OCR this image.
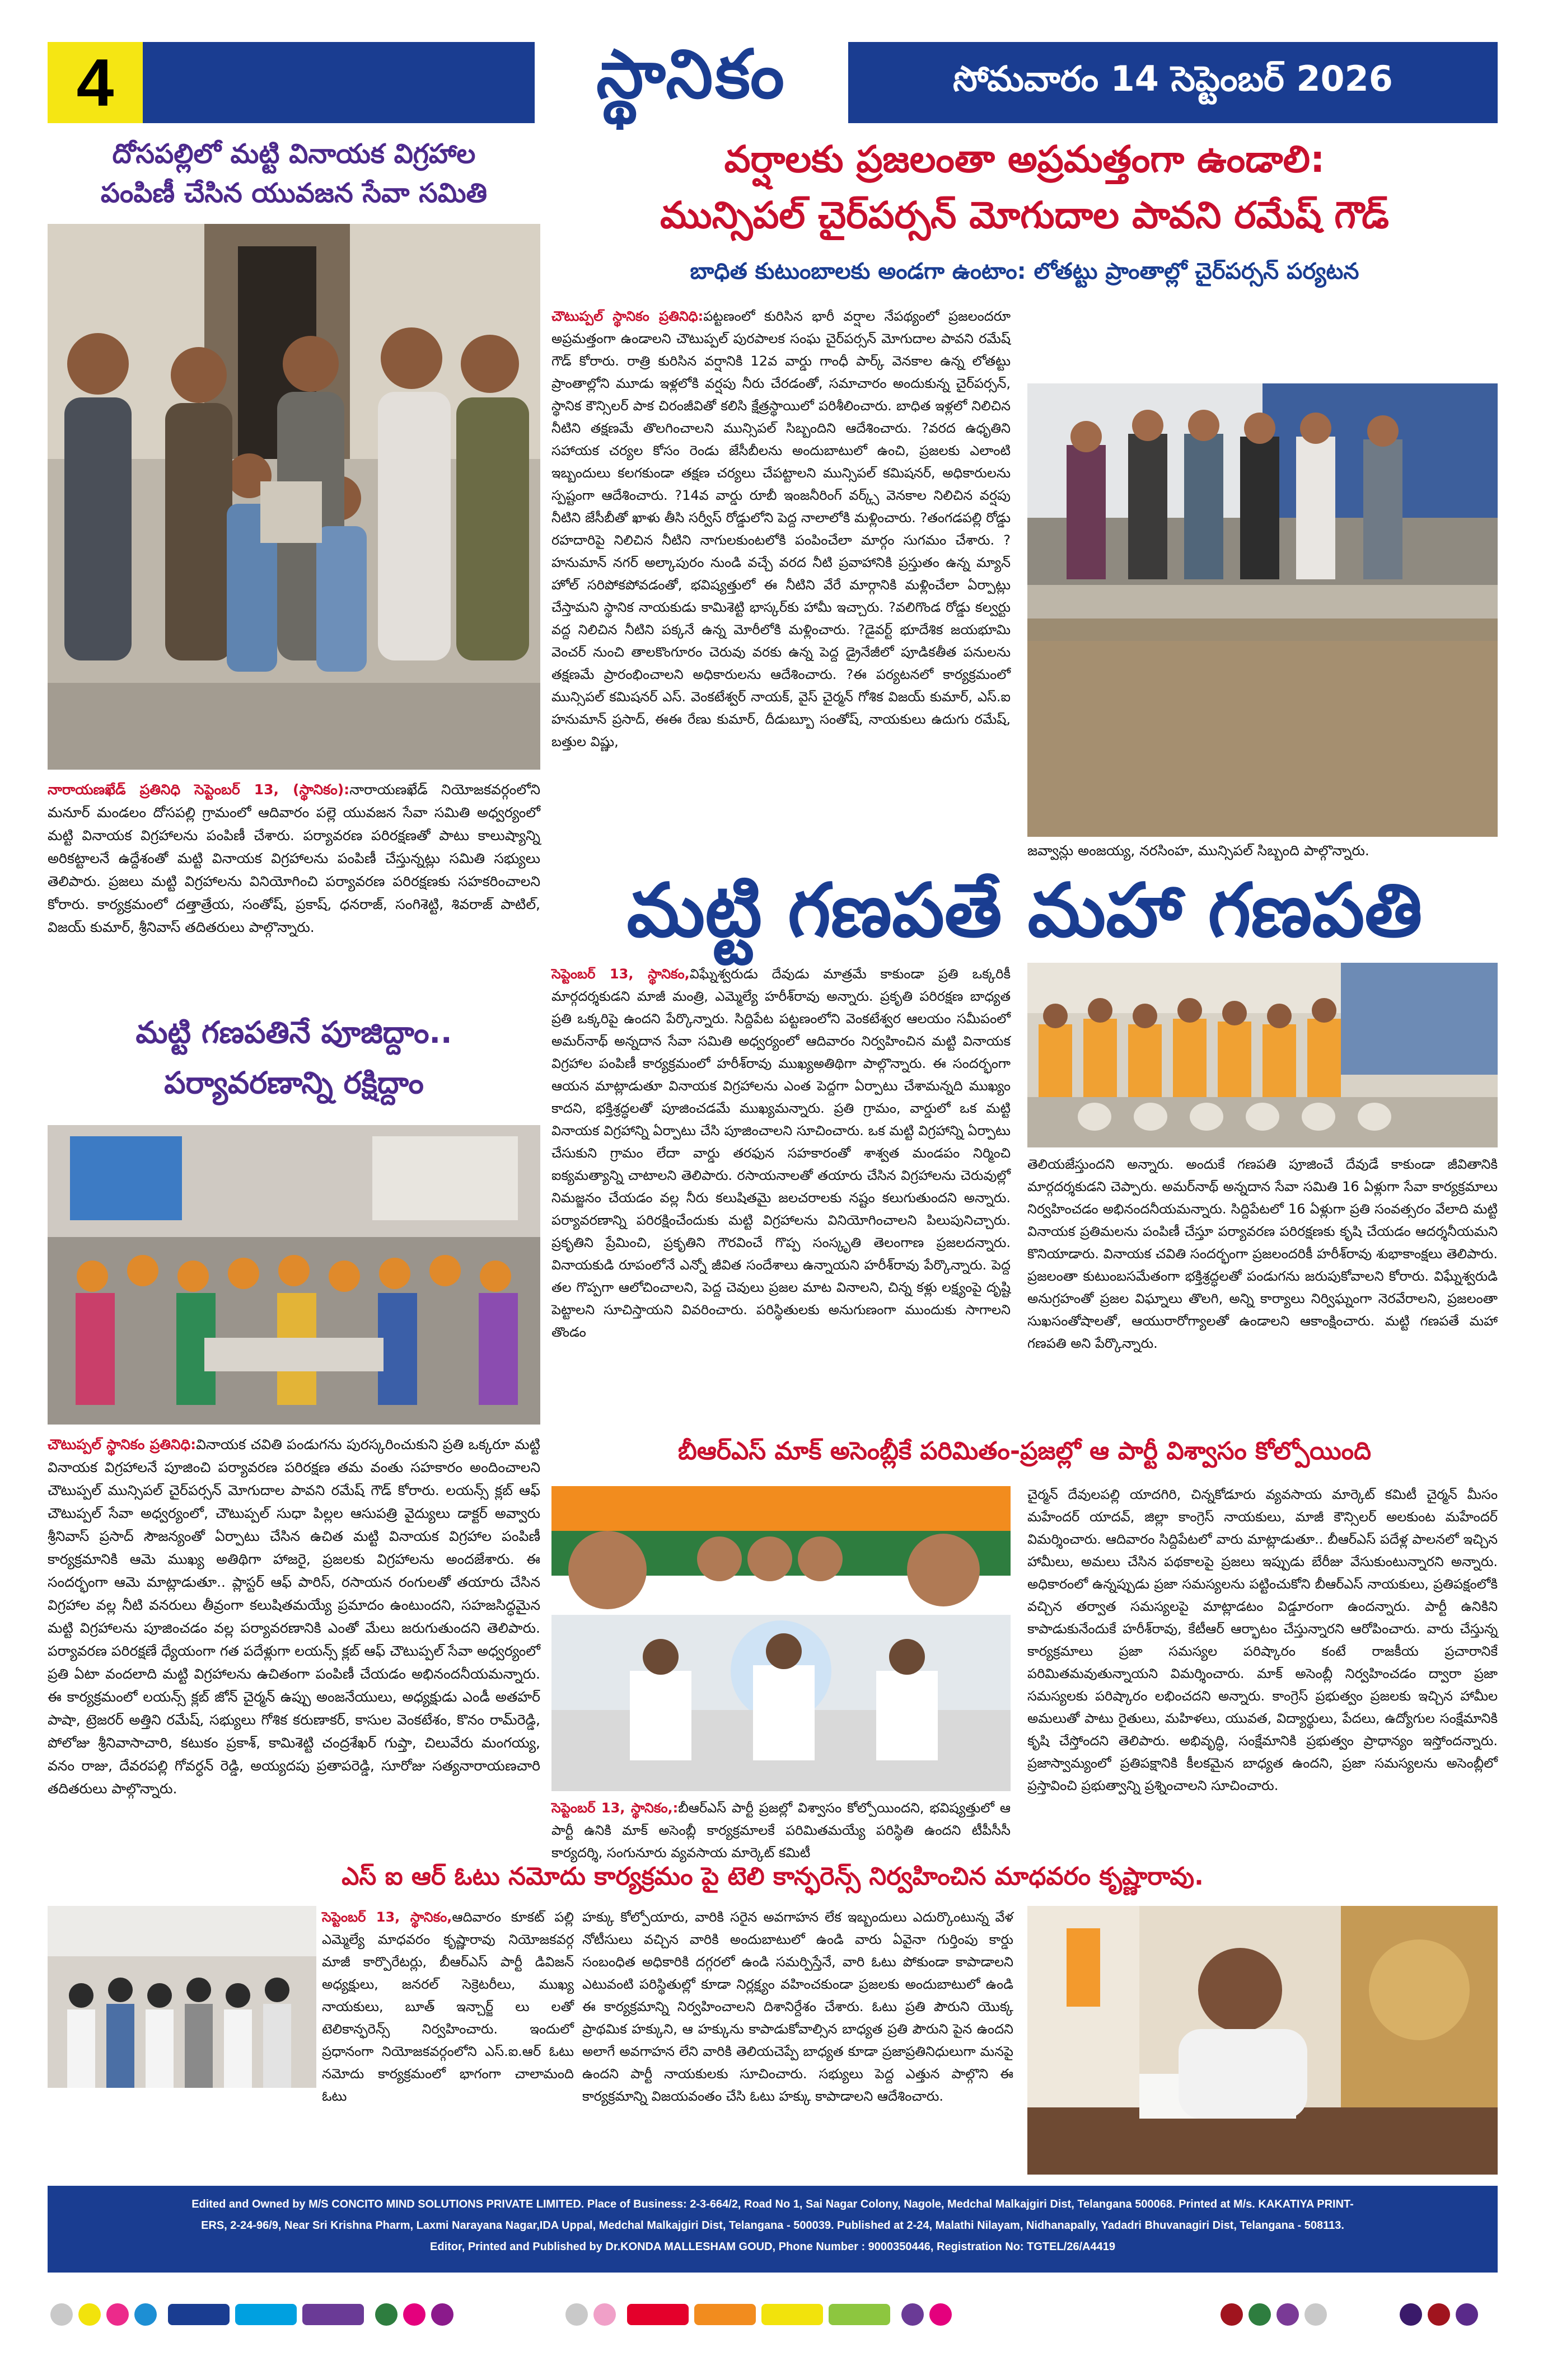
4	స్థానికం	సోమవారం 14 సెప్టెంబర్ 2026
దోసపల్లిలో మట్టి వినాయక విగ్రహాల
పంపిణీ చేసిన యువజన సేవా సమితి
నారాయణఖేడ్ ప్రతినిధి సెప్టెంబర్ 13, (స్థానికం):నారాయణఖేడ్ నియోజకవర్గంలోని మనూర్ మండలం దోసపల్లి గ్రామంలో ఆదివారం పల్లె యువజన సేవా సమితి అధ్వర్యంలో మట్టి వినాయక విగ్రహాలను పంపిణీ చేశారు. పర్యావరణ పరిరక్షణతో పాటు కాలుష్యాన్ని అరికట్టాలనే ఉద్దేశంతో మట్టి వినాయక విగ్రహాలను పంపిణీ చేస్తున్నట్లు సమితి సభ్యులు తెలిపారు. ప్రజలు మట్టి విగ్రహాలను వినియోగించి పర్యావరణ పరిరక్షణకు సహకరించాలని కోరారు. కార్యక్రమంలో దత్తాత్రేయ, సంతోష్, ప్రకాష్, ధనరాజ్, సంగిశెట్టి, శివరాజ్ పాటిల్, విజయ్ కుమార్, శ్రీనివాస్ తదితరులు పాల్గొన్నారు.
మట్టి గణపతినే పూజిద్దాం..
పర్యావరణాన్ని రక్షిద్దాం
చౌటుప్పల్ స్థానికం ప్రతినిధి:వినాయక చవితి పండుగను పురస్కరించుకుని ప్రతి ఒక్కరూ మట్టి వినాయక విగ్రహాలనే పూజించి పర్యావరణ పరిరక్షణ తమ వంతు సహకారం అందించాలని చౌటుప్పల్ మున్సిపల్ చైర్‌పర్సన్ మోగుదాల పావని రమేష్ గౌడ్ కోరారు. లయన్స్ క్లబ్ ఆఫ్ చౌటుప్పల్ సేవా అధ్వర్యంలో, చౌటుప్పల్ సుధా పిల్లల ఆసుపత్రి వైద్యులు డాక్టర్ అవ్వారు శ్రీనివాస్ ప్రసాద్ సౌజన్యంతో ఏర్పాటు చేసిన ఉచిత మట్టి వినాయక విగ్రహాల పంపిణీ కార్యక్రమానికి ఆమె ముఖ్య అతిథిగా హాజరై, ప్రజలకు విగ్రహాలను అందజేశారు. ఈ సందర్భంగా ఆమె మాట్లాడుతూ.. ప్లాస్టర్ ఆఫ్ పారిస్, రసాయన రంగులతో తయారు చేసిన విగ్రహాల వల్ల నీటి వనరులు తీవ్రంగా కలుషితమయ్యే ప్రమాదం ఉంటుందని, సహజసిద్ధమైన మట్టి విగ్రహాలను పూజించడం వల్ల పర్యావరణానికి ఎంతో మేలు జరుగుతుందని తెలిపారు. పర్యావరణ పరిరక్షణే ధ్యేయంగా గత పదేళ్లుగా లయన్స్ క్లబ్ ఆఫ్ చౌటుప్పల్ సేవా అధ్వర్యంలో ప్రతి ఏటా వందలాది మట్టి విగ్రహాలను ఉచితంగా పంపిణీ చేయడం అభినందనీయమన్నారు. ఈ కార్యక్రమంలో లయన్స్ క్లబ్ జోన్ చైర్మన్ ఉప్పు అంజనేయులు, అధ్యక్షుడు ఎండీ అతహర్ పాషా, ట్రెజరర్ అత్తిని రమేష్, సభ్యులు గోశిక కరుణాకర్, కాసుల వెంకటేశం, కొనం రామ్‌రెడ్డి, పోలోజు శ్రీనివాసాచారి, కటుకం ప్రకాశ్, కామిశెట్టి చంద్రశేఖర్ గుప్తా, చిలువేరు మంగయ్య, వనం రాజు, దేవరపల్లి గోవర్ధన్ రెడ్డి, అయ్యదపు ప్రతాపరెడ్డి, సూరోజు సత్యనారాయణచారి తదితరులు పాల్గొన్నారు.
వర్షాలకు ప్రజలంతా అప్రమత్తంగా ఉండాలి:
మున్సిపల్ చైర్‌పర్సన్ మోగుదాల పావని రమేష్ గౌడ్
బాధిత కుటుంబాలకు అండగా ఉంటాం: లోతట్టు ప్రాంతాల్లో చైర్‌పర్సన్ పర్యటన
చౌటుప్పల్ స్థానికం ప్రతినిధి:పట్టణంలో కురిసిన భారీ వర్షాల నేపథ్యంలో ప్రజలందరూ అప్రమత్తంగా ఉండాలని చౌటుప్పల్ పురపాలక సంఘ చైర్‌పర్సన్ మోగుదాల పావని రమేష్ గౌడ్ కోరారు. రాత్రి కురిసిన వర్షానికి 12వ వార్డు గాంధీ పార్క్ వెనకాల ఉన్న లోతట్టు ప్రాంతాల్లోని మూడు ఇళ్లలోకి వర్షపు నీరు చేరడంతో, సమాచారం అందుకున్న చైర్‌పర్సన్, స్థానిక కౌన్సిలర్ పాక చిరంజీవితో కలిసి క్షేత్రస్థాయిలో పరిశీలించారు. బాధిత ఇళ్లలో నిలిచిన నీటిని తక్షణమే తొలగించాలని మున్సిపల్ సిబ్బందిని ఆదేశించారు. ?వరద ఉధృతిని సహాయక చర్యల కోసం రెండు జేసీబీలను అందుబాటులో ఉంచి, ప్రజలకు ఎలాంటి ఇబ్బందులు కలగకుండా తక్షణ చర్యలు చేపట్టాలని మున్సిపల్ కమిషనర్, అధికారులను స్పష్టంగా ఆదేశించారు. ?14వ వార్డు రూబీ ఇంజనీరింగ్ వర్క్స్ వెనకాల నిలిచిన వర్షపు నీటిని జేసీబీతో ఖాళు తీసి సర్వీస్ రోడ్డులోని పెద్ద నాలాలోకి మళ్లించారు. ?తంగడపల్లి రోడ్డు రహదారిపై నిలిచిన నీటిని నాగులకుంటలోకి పంపించేలా మార్గం సుగమం చేశారు. ?హనుమాన్ నగర్ అల్కాపురం నుండి వచ్చే వరద నీటి ప్రవాహానికి ప్రస్తుతం ఉన్న మ్యాన్ హోల్ సరిపోకపోవడంతో, భవిష్యత్తులో ఈ నీటిని వేరే మార్గానికి మళ్లించేలా ఏర్పాట్లు చేస్తామని స్థానిక నాయకుడు కామిశెట్టి భాస్కర్‌కు హామీ ఇచ్చారు. ?వలిగొండ రోడ్డు కల్వర్టు వద్ద నిలిచిన నీటిని పక్కనే ఉన్న మోరీలోకి మళ్లించారు. ?డైవర్ట్ భూదేశిక జయభూమి వెంచర్ నుంచి తాలకొంగూరం చెరువు వరకు ఉన్న పెద్ద డ్రైనేజీలో పూడికతీత పనులను తక్షణమే ప్రారంభించాలని అధికారులను ఆదేశించారు. ?ఈ పర్యటనలో కార్యక్రమంలో మున్సిపల్ కమిషనర్ ఎస్. వెంకటేశ్వర్ నాయక్, వైస్ చైర్మన్ గోశిక విజయ్ కుమార్, ఎస్.ఐ హనుమాన్ ప్రసాద్, ఈఈ రేణు కుమార్, దీడుబ్బూ సంతోష్, నాయకులు ఉదుగు రమేష్, బత్తుల విష్ణు,
జవ్వాన్లు అంజయ్య, నరసింహ, మున్సిపల్ సిబ్బంది పాల్గొన్నారు.
మట్టి గణపతే మహా గణపతి
సెప్టెంబర్ 13, స్థానికం,విఘ్నేశ్వరుడు దేవుడు మాత్రమే కాకుండా ప్రతి ఒక్కరికీ మార్గదర్శకుడని మాజీ మంత్రి, ఎమ్మెల్యే హరీశ్‌రావు అన్నారు. ప్రకృతి పరిరక్షణ బాధ్యత ప్రతి ఒక్కరిపై ఉందని పేర్కొన్నారు. సిద్దిపేట పట్టణంలోని వెంకటేశ్వర ఆలయం సమీపంలో అమర్‌నాథ్ అన్నదాన సేవా సమితి అధ్వర్యంలో ఆదివారం నిర్వహించిన మట్టి వినాయక విగ్రహాల పంపిణీ కార్యక్రమంలో హరీశ్‌రావు ముఖ్యఅతిథిగా పాల్గొన్నారు. ఈ సందర్భంగా ఆయన మాట్లాడుతూ వినాయక విగ్రహాలను ఎంత పెద్దగా ఏర్పాటు చేశామన్నది ముఖ్యం కాదని, భక్తిశ్రద్ధలతో పూజించడమే ముఖ్యమన్నారు. ప్రతి గ్రామం, వార్డులో ఒక మట్టి వినాయక విగ్రహాన్ని ఏర్పాటు చేసి పూజించాలని సూచించారు. ఒక మట్టి విగ్రహాన్ని ఏర్పాటు చేసుకుని గ్రామం లేదా వార్డు తరఫున సహకారంతో శాశ్వత మండపం నిర్మించి ఐక్యమత్యాన్ని చాటాలని తెలిపారు. రసాయనాలతో తయారు చేసిన విగ్రహాలను చెరువుల్లో నిమజ్జనం చేయడం వల్ల నీరు కలుషితమై జలచరాలకు నష్టం కలుగుతుందని అన్నారు. పర్యావరణాన్ని పరిరక్షించేందుకు మట్టి విగ్రహాలను వినియోగించాలని పిలుపునిచ్చారు. ప్రకృతిని ప్రేమించి, ప్రకృతిని గౌరవించే గొప్ప సంస్కృతి తెలంగాణ ప్రజలదన్నారు. వినాయకుడి రూపంలోనే ఎన్నో జీవిత సందేశాలు ఉన్నాయని హరీశ్‌రావు పేర్కొన్నారు. పెద్ద తల గొప్పగా ఆలోచించాలని, పెద్ద చెవులు ప్రజల మాట వినాలని, చిన్న కళ్లు లక్ష్యంపై దృష్టి పెట్టాలని సూచిస్తాయని వివరించారు. పరిస్థితులకు అనుగుణంగా ముందుకు సాగాలని తొండం
తెలియజేస్తుందని అన్నారు. అందుకే గణపతి పూజించే దేవుడే కాకుండా జీవితానికి మార్గదర్శకుడని చెప్పారు. అమర్‌నాథ్ అన్నదాన సేవా సమితి 16 ఏళ్లుగా సేవా కార్యక్రమాలు నిర్వహించడం అభినందనీయమన్నారు. సిద్దిపేటలో 16 ఏళ్లుగా ప్రతి సంవత్సరం వేలాది మట్టి వినాయక ప్రతిమలను పంపిణీ చేస్తూ పర్యావరణ పరిరక్షణకు కృషి చేయడం ఆదర్శనీయమని కొనియాడారు. వినాయక చవితి సందర్భంగా ప్రజలందరికీ హరీశ్‌రావు శుభాకాంక్షలు తెలిపారు. ప్రజలంతా కుటుంబసమేతంగా భక్తిశ్రద్ధలతో పండుగను జరుపుకోవాలని కోరారు. విఘ్నేశ్వరుడి అనుగ్రహంతో ప్రజల విఘ్నాలు తొలగి, అన్ని కార్యాలు నిర్విఘ్నంగా నెరవేరాలని, ప్రజలంతా సుఖసంతోషాలతో, ఆయురారోగ్యాలతో ఉండాలని ఆకాంక్షించారు. మట్టి గణపతే మహా గణపతి అని పేర్కొన్నారు.
బీఆర్ఎస్ మాక్ అసెంబ్లీకే పరిమితం-ప్రజల్లో ఆ పార్టీ విశ్వాసం కోల్పోయింది
సెప్టెంబర్ 13, స్థానికం,:బీఆర్ఎస్ పార్టీ ప్రజల్లో విశ్వాసం కోల్పోయిందని, భవిష్యత్తులో ఆ పార్టీ ఉనికి మాక్ అసెంబ్లీ కార్యక్రమాలకే పరిమితమయ్యే పరిస్థితి ఉందని టీపీసీసీ కార్యదర్శి, సంగునూరు వ్యవసాయ మార్కెట్ కమిటీ
చైర్మన్ దేవులపల్లి యాదగిరి, చిన్నకోడూరు వ్యవసాయ మార్కెట్ కమిటీ చైర్మన్ మీసం మహేందర్ యాదవ్, జిల్లా కాంగ్రెస్ నాయకులు, మాజీ కౌన్సిలర్ అలకుంట మహేందర్ విమర్శించారు. ఆదివారం సిద్దిపేటలో వారు మాట్లాడుతూ.. బీఆర్ఎస్ పదేళ్ల పాలనలో ఇచ్చిన హామీలు, అమలు చేసిన పథకాలపై ప్రజలు ఇప్పుడు బేరీజు వేసుకుంటున్నారని అన్నారు. అధికారంలో ఉన్నప్పుడు ప్రజా సమస్యలను పట్టించుకోని బీఆర్ఎస్ నాయకులు, ప్రతిపక్షంలోకి వచ్చిన తర్వాత సమస్యలపై మాట్లాడటం విడ్డూరంగా ఉందన్నారు. పార్టీ ఉనికిని కాపాడుకునేందుకే హరీశ్‌రావు, కేటీఆర్ ఆర్భాటం చేస్తున్నారని ఆరోపించారు. వారు చేస్తున్న కార్యక్రమాలు ప్రజా సమస్యల పరిష్కారం కంటే రాజకీయ ప్రచారానికే పరిమితమవుతున్నాయని విమర్శించారు. మాక్ అసెంబ్లీ నిర్వహించడం ద్వారా ప్రజా సమస్యలకు పరిష్కారం లభించదని అన్నారు. కాంగ్రెస్ ప్రభుత్వం ప్రజలకు ఇచ్చిన హామీల అమలుతో పాటు రైతులు, మహిళలు, యువత, విద్యార్థులు, పేదలు, ఉద్యోగుల సంక్షేమానికి కృషి చేస్తోందని తెలిపారు. అభివృద్ధి, సంక్షేమానికి ప్రభుత్వం ప్రాధాన్యం ఇస్తోందన్నారు. ప్రజాస్వామ్యంలో ప్రతిపక్షానికి కీలకమైన బాధ్యత ఉందని, ప్రజా సమస్యలను అసెంబ్లీలో ప్రస్తావించి ప్రభుత్వాన్ని ప్రశ్నించాలని సూచించారు.
ఎస్ ఐ ఆర్ ఓటు నమోదు కార్యక్రమం పై టెలి కాన్ఫరెన్స్ నిర్వహించిన మాధవరం కృష్ణారావు.
సెప్టెంబర్ 13, స్థానికం,ఆదివారం కూకట్ పల్లి ఎమ్మెల్యే మాధవరం కృష్ణారావు నియోజకవర్గ మాజీ కార్పొరేటర్లు, బీఆర్ఎస్ పార్టీ డివిజన్ అధ్యక్షులు, జనరల్ సెక్రెటరీలు, ముఖ్య నాయకులు, బూత్ ఇన్చార్జ్ లు లతో టెలికాన్ఫరెన్స్ నిర్వహించారు. ఇందులో ప్రధానంగా నియోజకవర్గంలోని ఎస్.ఐ.ఆర్ ఓటు నమోదు కార్యక్రమంలో భాగంగా చాలామంది ఓటు
హక్కు కోల్పోయారు, వారికి సరైన అవగాహన లేక ఇబ్బందులు ఎదుర్కొంటున్న వేళ నోటీసులు వచ్చిన వారికి అందుబాటులో ఉండి వారు ఏవైనా గుర్తింపు కార్డు సంబంధిత అధికారికి దగ్గరలో ఉండి సమర్పిస్తేనే, వారి ఓటు పోకుండా కాపాడాలని ఎటువంటి పరిస్థితుల్లో కూడా నిర్లక్ష్యం వహించకుండా ప్రజలకు అందుబాటులో ఉండి ఈ కార్యక్రమాన్ని నిర్వహించాలని దిశానిర్దేశం చేశారు. ఓటు ప్రతి పౌరుని యొక్క ప్రాథమిక హక్కుని, ఆ హక్కును కాపాడుకోవాల్సిన బాధ్యత ప్రతి పౌరుని పైన ఉందని అలాగే అవగాహన లేని వారికి తెలియచెప్పే బాధ్యత కూడా ప్రజాప్రతినిధులుగా మనపై ఉందని పార్టీ నాయకులకు సూచించారు. సభ్యులు పెద్ద ఎత్తున పాల్గొని ఈ కార్యక్రమాన్ని విజయవంతం చేసి ఓటు హక్కు కాపాడాలని ఆదేశించారు.
Edited and Owned by M/S CONCITO MIND SOLUTIONS PRIVATE LIMITED. Place of Business: 2-3-664/2, Road No 1, Sai Nagar Colony, Nagole, Medchal Malkajgiri Dist, Telangana 500068. Printed at M/s. KAKATIYA PRINT-
ERS, 2-24-96/9, Near Sri Krishna Pharm, Laxmi Narayana Nagar,IDA Uppal, Medchal Malkajgiri Dist, Telangana - 500039. Published at 2-24, Malathi Nilayam, Nidhanapally, Yadadri Bhuvanagiri Dist, Telangana - 508113.
Editor, Printed and Published by Dr.KONDA MALLESHAM GOUD, Phone Number : 9000350446, Registration No: TGTEL/26/A4419
